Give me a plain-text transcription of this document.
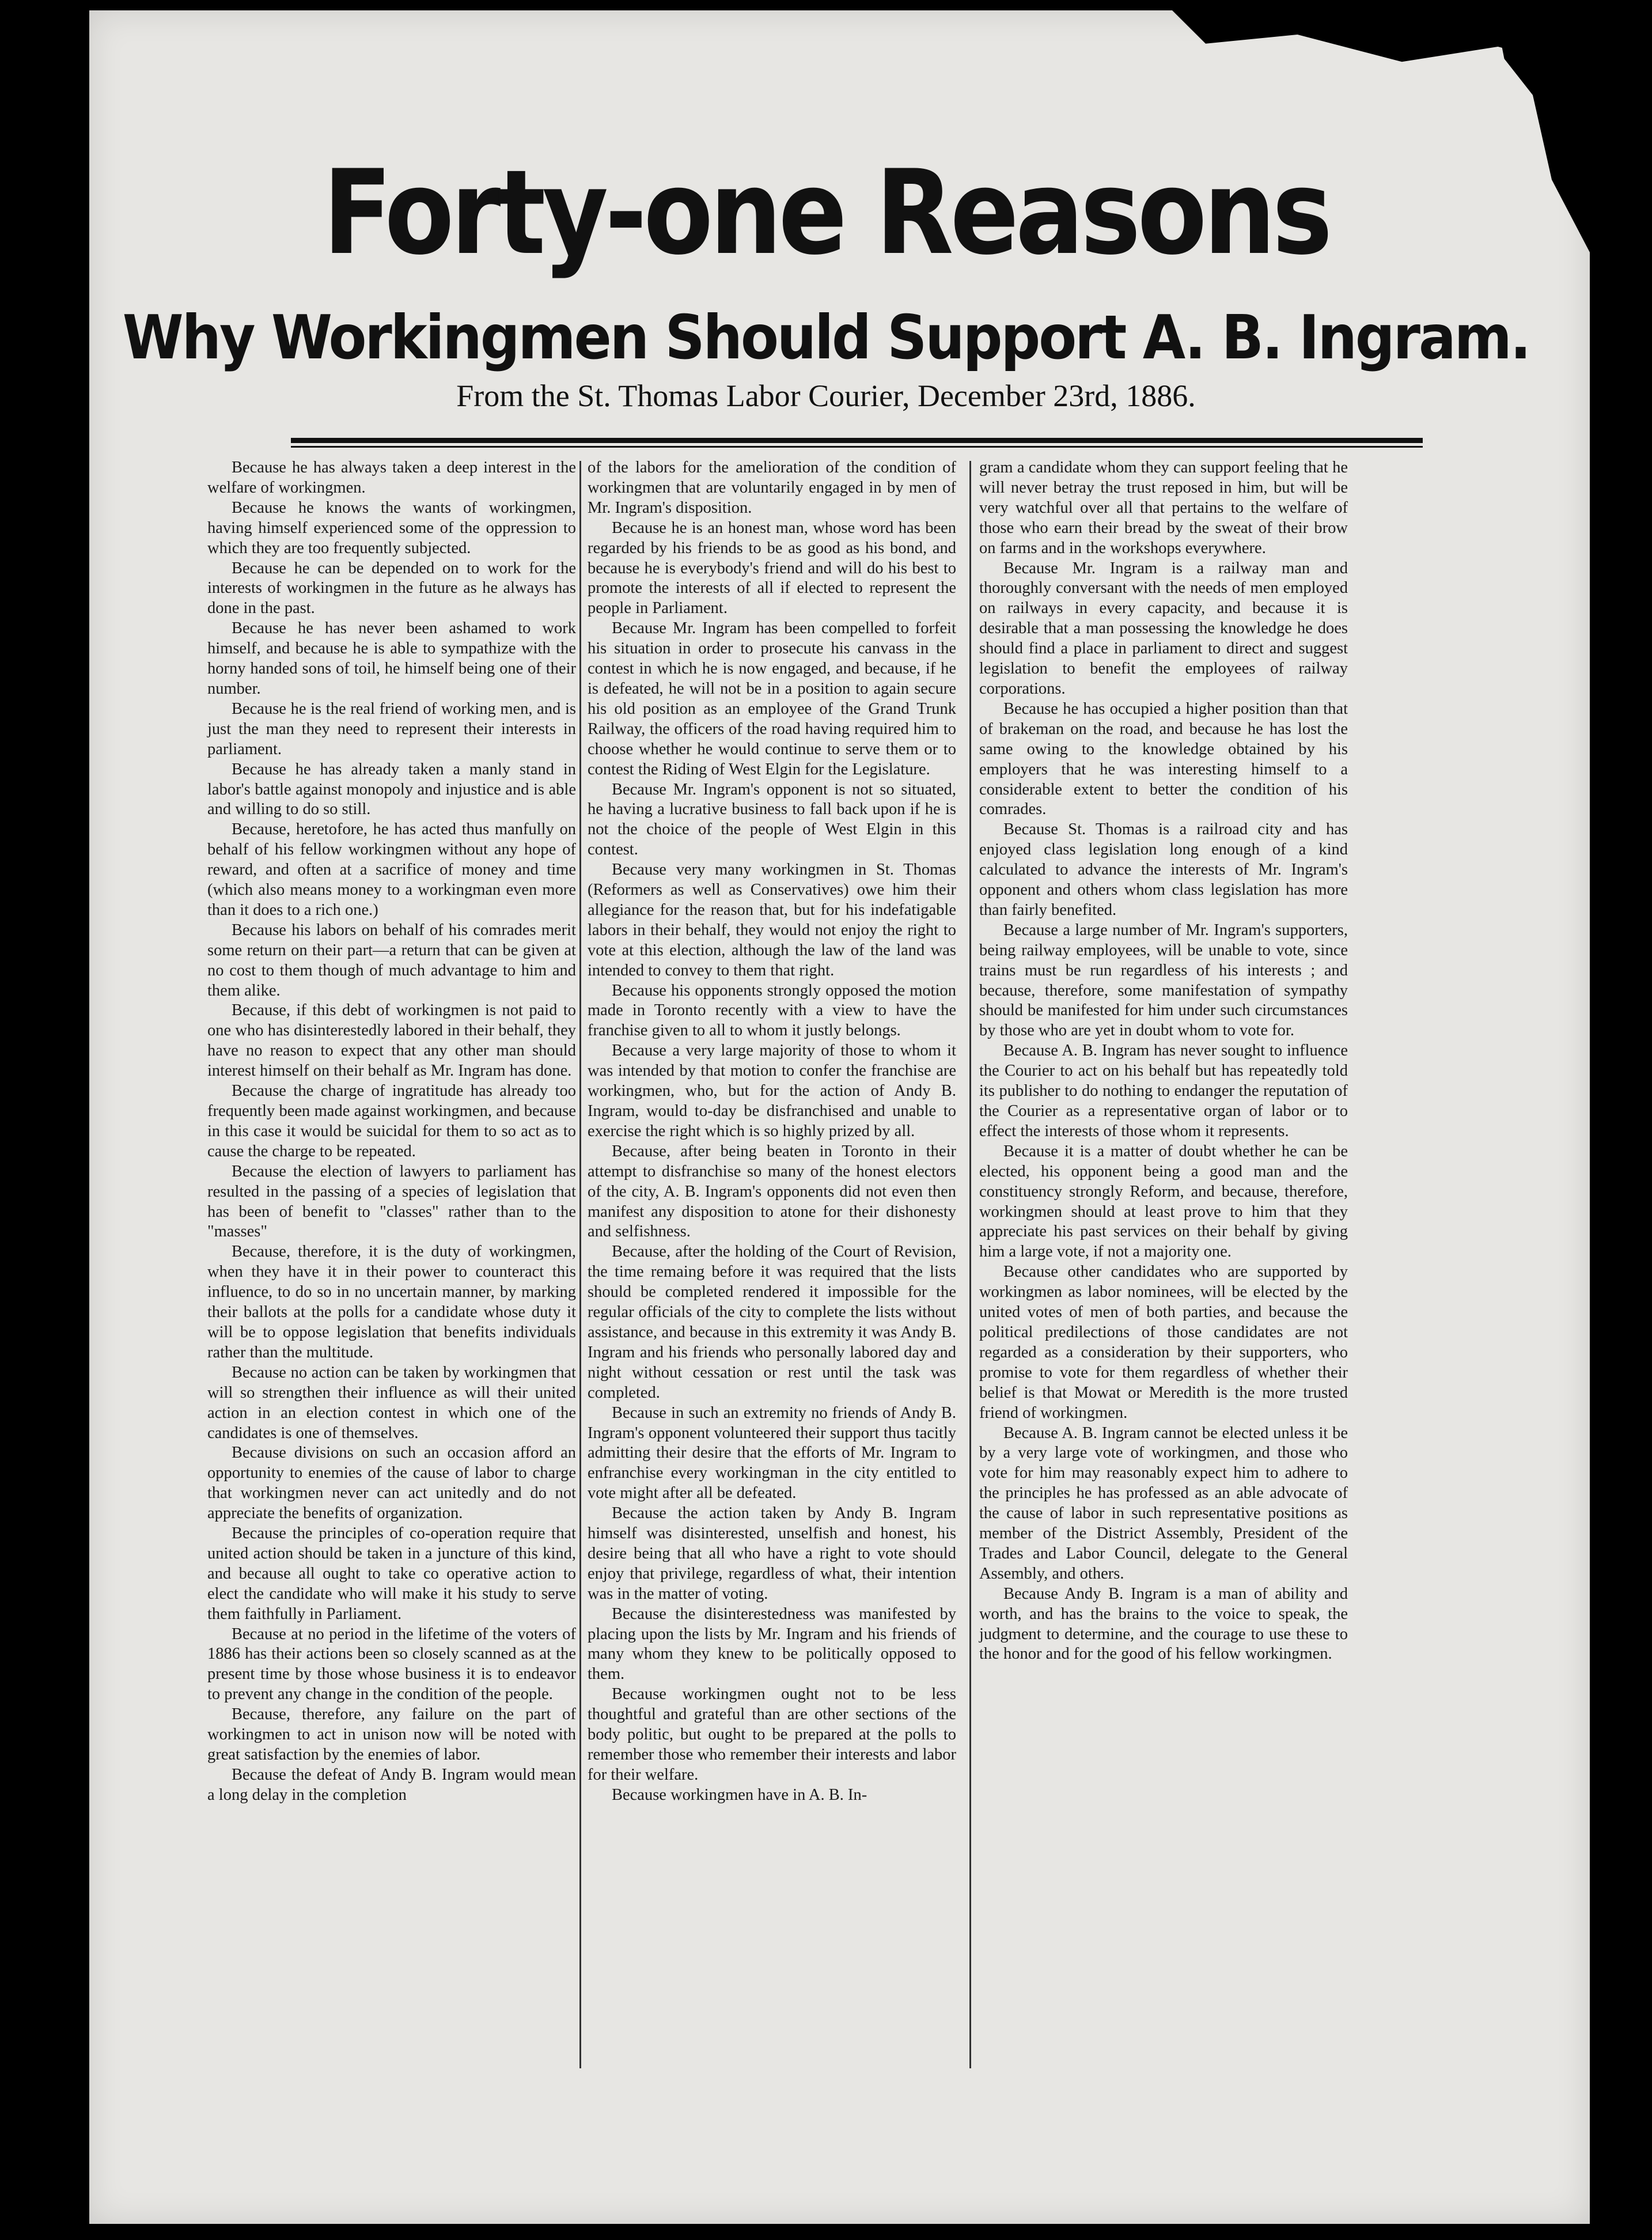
Forty-one Reasons
Why Workingmen Should Support A. B. Ingram.
From the St. Thomas Labor Courier, December 23rd, 1886.

Because he has always taken a deep interest in the welfare of workingmen.

Because he knows the wants of workingmen, having himself experienced some of the oppression to which they are too frequently subjected.

Because he can be depended on to work for the interests of workingmen in the future as he always has done in the past.

Because he has never been ashamed to work himself, and because he is able to sympathize with the horny handed sons of toil, he himself being one of their number.

Because he is the real friend of working men, and is just the man they need to represent their interests in parliament.

Because he has already taken a manly stand in labor's battle against monopoly and injustice and is able and willing to do so still.

Because, heretofore, he has acted thus manfully on behalf of his fellow workingmen without any hope of reward, and often at a sacrifice of money and time (which also means money to a workingman even more than it does to a rich one.)

Because his labors on behalf of his comrades merit some return on their part—a return that can be given at no cost to them though of much advantage to him and them alike.

Because, if this debt of workingmen is not paid to one who has disinterestedly labored in their behalf, they have no reason to expect that any other man should interest himself on their behalf as Mr. Ingram has done.

Because the charge of ingratitude has already too frequently been made against workingmen, and because in this case it would be suicidal for them to so act as to cause the charge to be repeated.

Because the election of lawyers to parliament has resulted in the passing of a species of legislation that has been of benefit to "classes" rather than to the "masses"

Because, therefore, it is the duty of workingmen, when they have it in their power to counteract this influence, to do so in no uncertain manner, by marking their ballots at the polls for a candidate whose duty it will be to oppose legislation that benefits individuals rather than the multitude.

Because no action can be taken by workingmen that will so strengthen their influence as will their united action in an election contest in which one of the candidates is one of themselves.

Because divisions on such an occasion afford an opportunity to enemies of the cause of labor to charge that workingmen never can act unitedly and do not appreciate the benefits of organization.

Because the principles of co-operation require that united action should be taken in a juncture of this kind, and because all ought to take co operative action to elect the candidate who will make it his study to serve them faithfully in Parliament.

Because at no period in the lifetime of the voters of 1886 has their actions been so closely scanned as at the present time by those whose business it is to endeavor to prevent any change in the condition of the people.

Because, therefore, any failure on the part of workingmen to act in unison now will be noted with great satisfaction by the enemies of labor.

Because the defeat of Andy B. Ingram would mean a long delay in the completion

of the labors for the amelioration of the condition of workingmen that are voluntarily engaged in by men of Mr. Ingram's disposition.

Because he is an honest man, whose word has been regarded by his friends to be as good as his bond, and because he is everybody's friend and will do his best to promote the interests of all if elected to represent the people in Parliament.

Because Mr. Ingram has been compelled to forfeit his situation in order to prosecute his canvass in the contest in which he is now engaged, and because, if he is defeated, he will not be in a position to again secure his old position as an employee of the Grand Trunk Railway, the officers of the road having required him to choose whether he would continue to serve them or to contest the Riding of West Elgin for the Legislature.

Because Mr. Ingram's opponent is not so situated, he having a lucrative business to fall back upon if he is not the choice of the people of West Elgin in this contest.

Because very many workingmen in St. Thomas (Reformers as well as Conservatives) owe him their allegiance for the reason that, but for his indefatigable labors in their behalf, they would not enjoy the right to vote at this election, although the law of the land was intended to convey to them that right.

Because his opponents strongly opposed the motion made in Toronto recently with a view to have the franchise given to all to whom it justly belongs.

Because a very large majority of those to whom it was intended by that motion to confer the franchise are workingmen, who, but for the action of Andy B. Ingram, would to-day be disfranchised and unable to exercise the right which is so highly prized by all.

Because, after being beaten in Toronto in their attempt to disfranchise so many of the honest electors of the city, A. B. Ingram's opponents did not even then manifest any disposition to atone for their dishonesty and selfishness.

Because, after the holding of the Court of Revision, the time remaing before it was required that the lists should be completed rendered it impossible for the regular officials of the city to complete the lists without assistance, and because in this extremity it was Andy B. Ingram and his friends who personally labored day and night without cessation or rest until the task was completed.

Because in such an extremity no friends of Andy B. Ingram's opponent volunteered their support thus tacitly admitting their desire that the efforts of Mr. Ingram to enfranchise every workingman in the city entitled to vote might after all be defeated.

Because the action taken by Andy B. Ingram himself was disinterested, unselfish and honest, his desire being that all who have a right to vote should enjoy that privilege, regardless of what, their intention was in the matter of voting.

Because the disinterestedness was manifested by placing upon the lists by Mr. Ingram and his friends of many whom they knew to be politically opposed to them.

Because workingmen ought not to be less thoughtful and grateful than are other sections of the body politic, but ought to be prepared at the polls to remember those who remember their interests and labor for their welfare.

Because workingmen have in A. B. In-

gram a candidate whom they can support feeling that he will never betray the trust reposed in him, but will be very watchful over all that pertains to the welfare of those who earn their bread by the sweat of their brow on farms and in the workshops everywhere.

Because Mr. Ingram is a railway man and thoroughly conversant with the needs of men employed on railways in every capacity, and because it is desirable that a man possessing the knowledge he does should find a place in parliament to direct and suggest legislation to benefit the employees of railway corporations.

Because he has occupied a higher position than that of brakeman on the road, and because he has lost the same owing to the knowledge obtained by his employers that he was interesting himself to a considerable extent to better the condition of his comrades.

Because St. Thomas is a railroad city and has enjoyed class legislation long enough of a kind calculated to advance the interests of Mr. Ingram's opponent and others whom class legislation has more than fairly benefited.

Because a large number of Mr. Ingram's supporters, being railway employees, will be unable to vote, since trains must be run regardless of his interests ; and because, therefore, some manifestation of sympathy should be manifested for him under such circumstances by those who are yet in doubt whom to vote for.

Because A. B. Ingram has never sought to influence the Courier to act on his behalf but has repeatedly told its publisher to do nothing to endanger the reputation of the Courier as a representative organ of labor or to effect the interests of those whom it represents.

Because it is a matter of doubt whether he can be elected, his opponent being a good man and the constituency strongly Reform, and because, therefore, workingmen should at least prove to him that they appreciate his past services on their behalf by giving him a large vote, if not a majority one.

Because other candidates who are supported by workingmen as labor nominees, will be elected by the united votes of men of both parties, and because the political predilections of those candidates are not regarded as a consideration by their supporters, who promise to vote for them regardless of whether their belief is that Mowat or Meredith is the more trusted friend of workingmen.

Because A. B. Ingram cannot be elected unless it be by a very large vote of workingmen, and those who vote for him may reasonably expect him to adhere to the principles he has professed as an able advocate of the cause of labor in such representative positions as member of the District Assembly, President of the Trades and Labor Council, delegate to the General Assembly, and others.

Because Andy B. Ingram is a man of ability and worth, and has the brains to the voice to speak, the judgment to determine, and the courage to use these to the honor and for the good of his fellow workingmen.
